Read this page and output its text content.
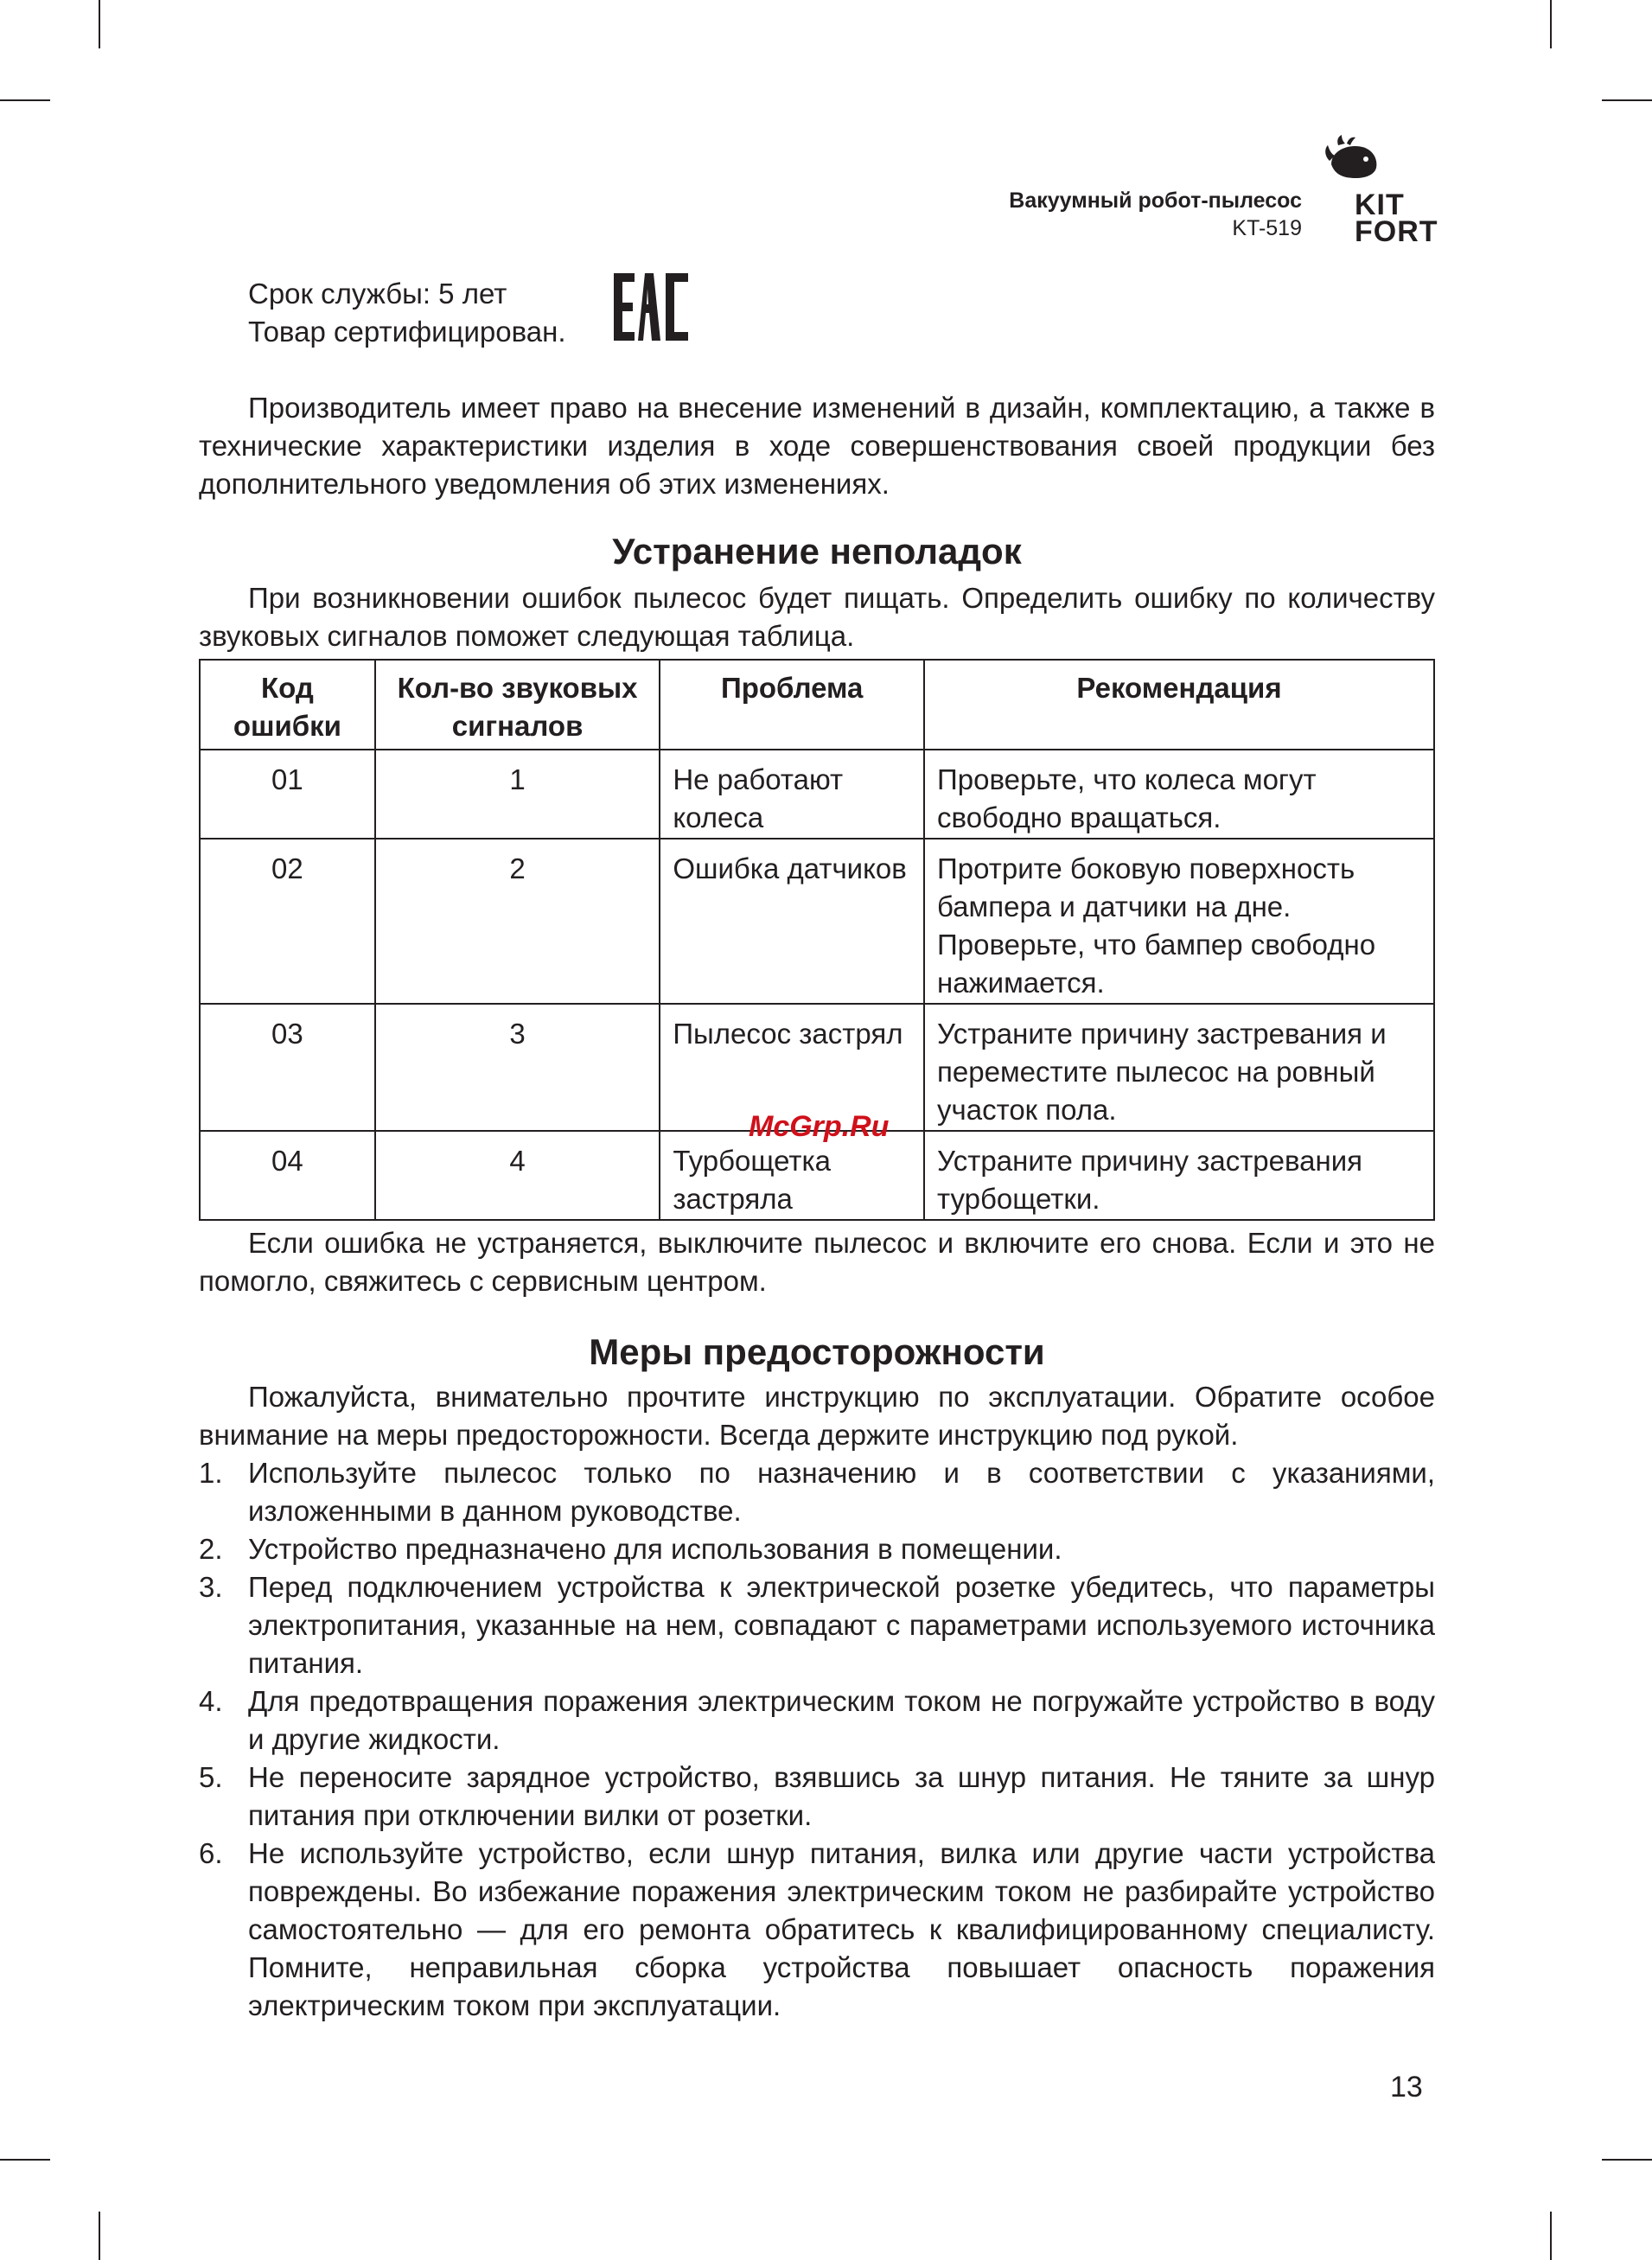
Вакуумный робот-пылесос
KT-519
KIT
FORT
Срок службы: 5 лет
Товар сертифицирован.
Производитель имеет право на внесение изменений в дизайн, комплектацию, а также в технические характеристики изделия в ходе совершенствования своей продукции без дополнительного уведомления об этих изменениях.
Устранение неполадок
При возникновении ошибок пылесос будет пищать. Определить ошибку по количеству звуковых сигналов поможет следующая таблица.
Код ошибки	Кол-во звуковых сигналов	Проблема	Рекомендация
01	1	Не работают колеса	Проверьте, что колеса могут свободно вращаться.
02	2	Ошибка датчиков	Протрите боковую поверхность бампера и датчики на дне. Проверьте, что бампер свободно нажимается.
03	3	Пылесос застрял	Устраните причину застревания и переместите пылесос на ровный участок пола.
04	4	Турбощетка застряла	Устраните причину застревания турбощетки.
McGrp.Ru
Если ошибка не устраняется, выключите пылесос и включите его снова. Если и это не помогло, свяжитесь с сервисным центром.
Меры предосторожности
Пожалуйста, внимательно прочтите инструкцию по эксплуатации. Обратите особое внимание на меры предосторожности. Всегда держите инструкцию под рукой.
1. Используйте пылесос только по назначению и в соответствии с указаниями, изложенными в данном руководстве.
2. Устройство предназначено для использования в помещении.
3. Перед подключением устройства к электрической розетке убедитесь, что параметры электропитания, указанные на нем, совпадают с параметрами используемого источника питания.
4. Для предотвращения поражения электрическим током не погружайте устройство в воду и другие жидкости.
5. Не переносите зарядное устройство, взявшись за шнур питания. Не тяните за шнур питания при отключении вилки от розетки.
6. Не используйте устройство, если шнур питания, вилка или другие части устройства повреждены. Во избежание поражения электрическим током не разбирайте устройство самостоятельно — для его ремонта обратитесь к квалифицированному специалисту. Помните, неправильная сборка устройства повышает опасность поражения электрическим током при эксплуатации.
13
